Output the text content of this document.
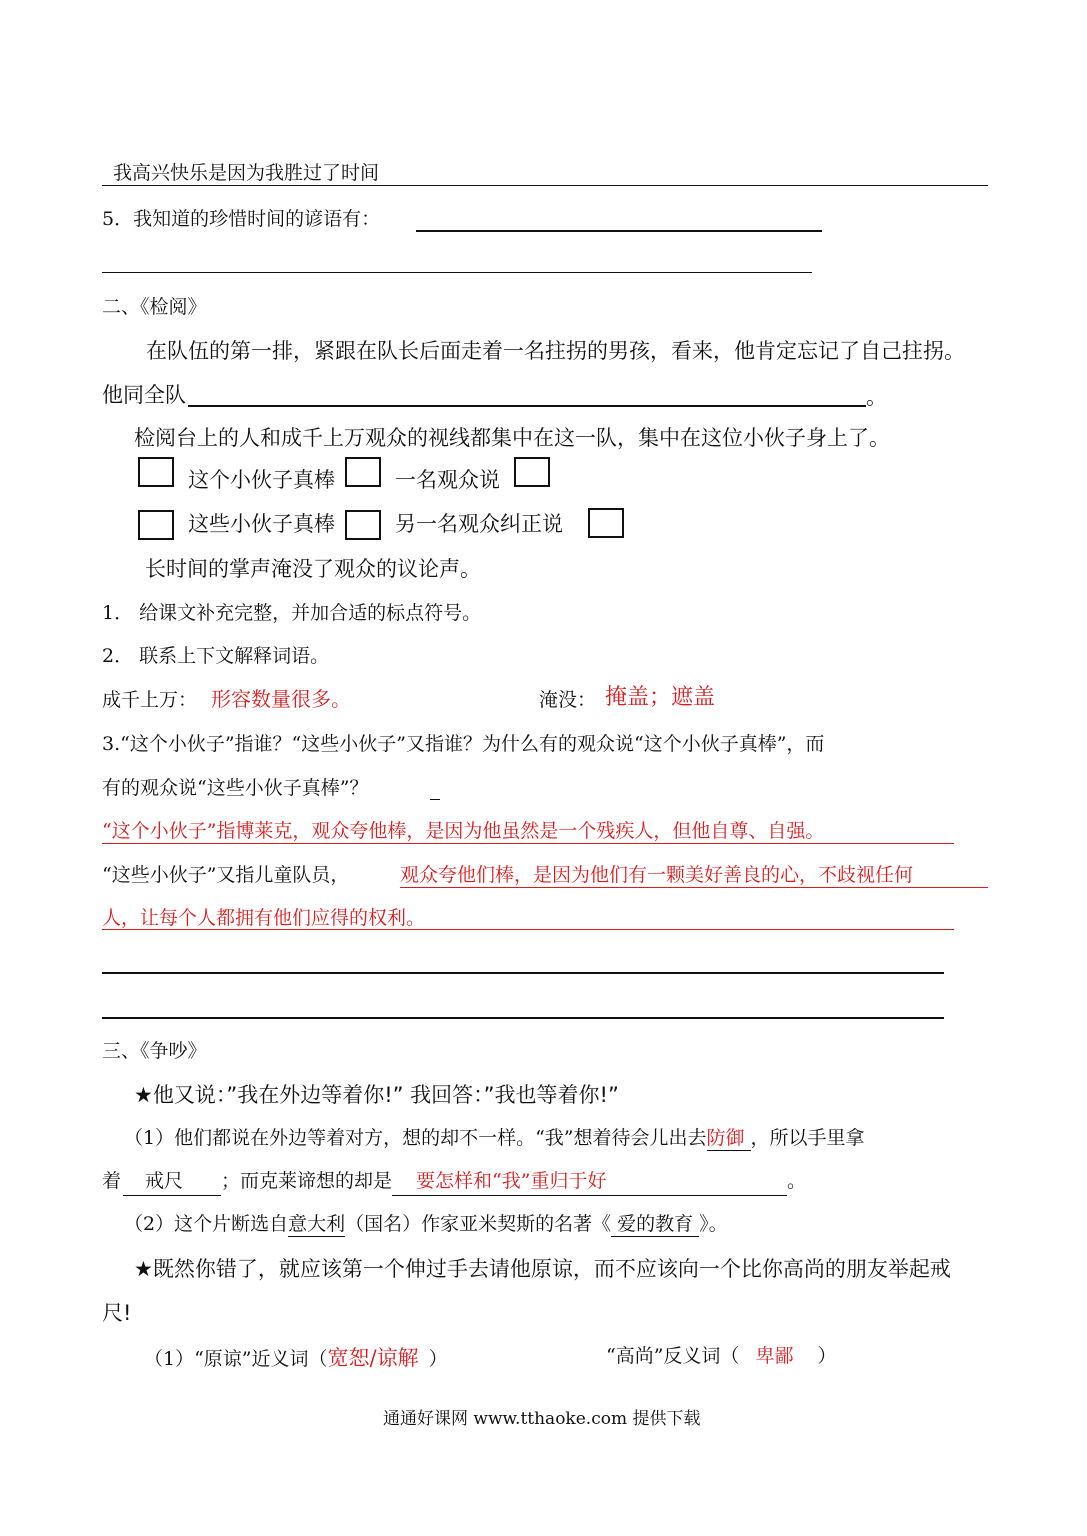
我高兴快乐是因为我胜过了时间
5．我知道的珍惜时间的谚语有：
二、《检阅》
在队伍的第一排，紧跟在队长后面走着一名拄拐的男孩，看来，他肯定忘记了自己拄拐。
他同全队	。
检阅台上的人和成千上万观众的视线都集中在这一队，集中在这位小伙子身上了。
这个小伙子真棒	一名观众说
这些小伙子真棒	另一名观众纠正说
长时间的掌声淹没了观众的议论声。
1． 给课文补充完整，并加合适的标点符号。
2． 联系上下文解释词语。
成千上万： 形容数量很多。	淹没： 掩盖；遮盖
3.“这个小伙子”指谁？“这些小伙子”又指谁？为什么有的观众说“这个小伙子真棒”，而
有的观众说“这些小伙子真棒”？
“这个小伙子”指博莱克，观众夸他棒，是因为他虽然是一个残疾人，但他自尊、自强。
“这些小伙子”又指儿童队员，	观众夸他们棒，是因为他们有一颗美好善良的心，不歧视任何
人，让每个人都拥有他们应得的权利。
三、《争吵》
★他又说：”我在外边等着你!” 我回答：”我也等着你!”
（1）他们都说在外边等着对方，想的却不一样。“我”想着待会儿出去防御 ，所以手里拿
着 戒尺 ；而克莱谛想的却是 要怎样和“我”重归于好	。
（2）这个片断选自意大利（国名）作家亚米契斯的名著《 爱的教育 》。
★既然你错了，就应该第一个伸过手去请他原谅，而不应该向一个比你高尚的朋友举起戒
尺!
（1）“原谅”近义词（宽恕/谅解 ）	“高尚”反义词（ 卑鄙 ）
通通好课网 www.tthaoke.com 提供下载
